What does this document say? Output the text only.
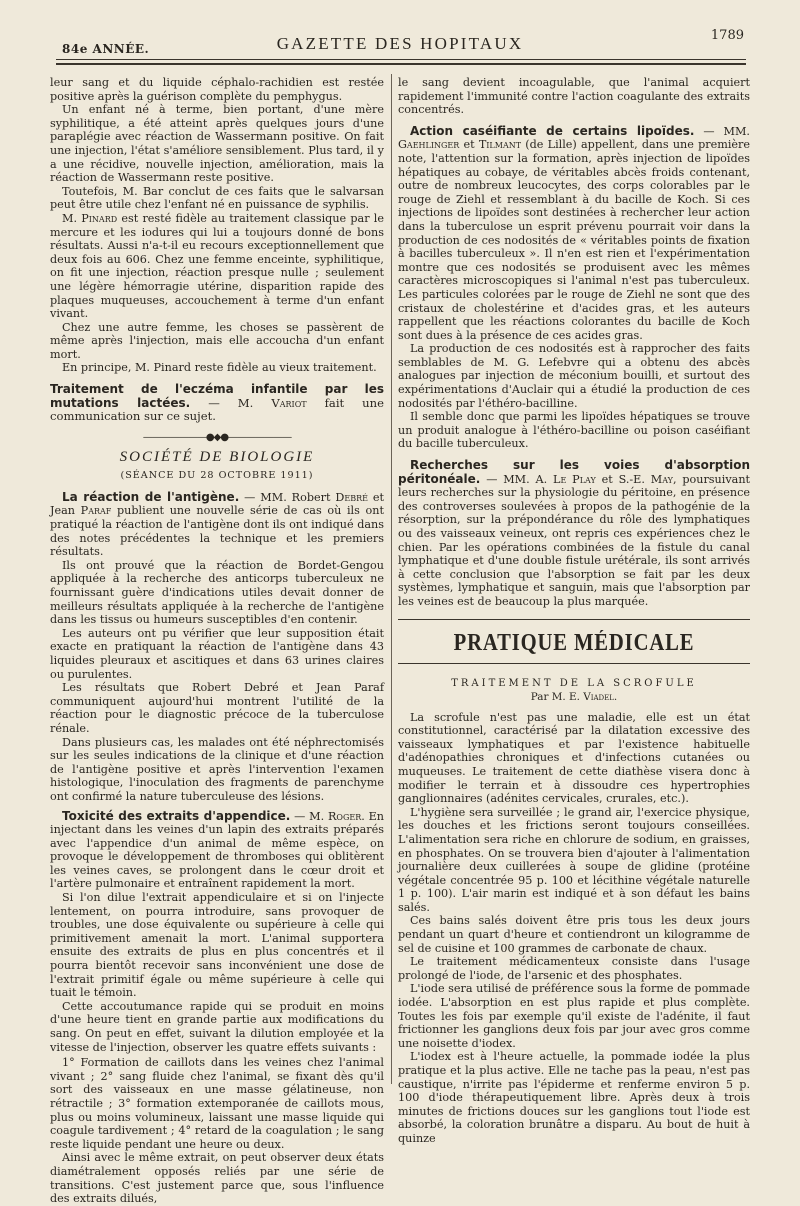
84e ANNÉE.	GAZETTE DES HOPITAUX	1789

leur sang et du liquide céphalo-rachidien est restée positive après la guérison complète du pemphygus.

Un enfant né à terme, bien portant, d'une mère syphilitique, a été atteint après quelques jours d'une paraplégie avec réaction de Wassermann positive. On fait une injection, l'état s'améliore sensiblement. Plus tard, il y a une récidive, nouvelle injection, amélioration, mais la réaction de Wassermann reste positive.

Toutefois, M. Bar conclut de ces faits que le salvarsan peut être utile chez l'enfant né en puissance de syphilis.

M. Pinard est resté fidèle au traitement classique par le mercure et les iodures qui lui a toujours donné de bons résultats. Aussi n'a-t-il eu recours exceptionnellement que deux fois au 606. Chez une femme enceinte, syphilitique, on fit une injection, réaction presque nulle ; seulement une légère hémorragie utérine, disparition rapide des plaques muqueuses, accouchement à terme d'un enfant vivant.

Chez une autre femme, les choses se passèrent de même après l'injection, mais elle accoucha d'un enfant mort.

En principe, M. Pinard reste fidèle au vieux traitement.

Traitement de l'eczéma infantile par les mutations lactées. — M. Variot fait une communication sur ce sujet.

———————●◆●———————
SOCIÉTÉ DE BIOLOGIE
(SÉANCE DU 28 OCTOBRE 1911)

La réaction de l'antigène. — MM. Robert Debré et Jean Paraf publient une nouvelle série de cas où ils ont pratiqué la réaction de l'antigène dont ils ont indiqué dans des notes précédentes la technique et les premiers résultats.

Ils ont prouvé que la réaction de Bordet-Gengou appliquée à la recherche des anticorps tuberculeux ne fournissant guère d'indications utiles devait donner de meilleurs résultats appliquée à la recherche de l'antigène dans les tissus ou humeurs susceptibles d'en contenir.

Les auteurs ont pu vérifier que leur supposition était exacte en pratiquant la réaction de l'antigène dans 43 liquides pleuraux et ascitiques et dans 63 urines claires ou purulentes.

Les résultats que Robert Debré et Jean Paraf communiquent aujourd'hui montrent l'utilité de la réaction pour le diagnostic précoce de la tuberculose rénale.

Dans plusieurs cas, les malades ont été néphrectomisés sur les seules indications de la clinique et d'une réaction de l'antigène positive et après l'intervention l'examen histologique, l'inoculation des fragments de parenchyme ont confirmé la nature tuberculeuse des lésions.

Toxicité des extraits d'appendice. — M. Roger. En injectant dans les veines d'un lapin des extraits préparés avec l'appendice d'un animal de même espèce, on provoque le développement de thromboses qui oblitèrent les veines caves, se prolongent dans le cœur droit et l'artère pulmonaire et entraînent rapidement la mort.

Si l'on dilue l'extrait appendiculaire et si on l'injecte lentement, on pourra introduire, sans provoquer de troubles, une dose équivalente ou supérieure à celle qui primitivement amenait la mort. L'animal supportera ensuite des extraits de plus en plus concentrés et il pourra bientôt recevoir sans inconvénient une dose de l'extrait primitif égale ou même supérieure à celle qui tuait le témoin.

Cette accoutumance rapide qui se produit en moins d'une heure tient en grande partie aux modifications du sang. On peut en effet, suivant la dilution employée et la vitesse de l'injection, observer les quatre effets suivants :

1° Formation de caillots dans les veines chez l'animal vivant ; 2° sang fluide chez l'animal, se fixant dès qu'il sort des vaisseaux en une masse gélatineuse, non rétractile ; 3° formation extemporanée de caillots mous, plus ou moins volumineux, laissant une masse liquide qui coagule tardivement ; 4° retard de la coagulation ; le sang reste liquide pendant une heure ou deux.

Ainsi avec le même extrait, on peut observer deux états diamétralement opposés reliés par une série de transitions. C'est justement parce que, sous l'influence des extraits dilués,

le sang devient incoagulable, que l'animal acquiert rapidement l'immunité contre l'action coagulante des extraits concentrés.

Action caséifiante de certains lipoïdes. — MM. Gaehlinger et Tilmant (de Lille) appellent, dans une première note, l'attention sur la formation, après injection de lipoïdes hépatiques au cobaye, de véritables abcès froids contenant, outre de nombreux leucocytes, des corps colorables par le rouge de Ziehl et ressemblant à du bacille de Koch. Si ces injections de lipoïdes sont destinées à rechercher leur action dans la tuberculose un esprit prévenu pourrait voir dans la production de ces nodosités de « véritables points de fixation à bacilles tuberculeux ». Il n'en est rien et l'expérimentation montre que ces nodosités se produisent avec les mêmes caractères microscopiques si l'animal n'est pas tuberculeux. Les particules colorées par le rouge de Ziehl ne sont que des cristaux de cholestérine et d'acides gras, et les auteurs rappellent que les réactions colorantes du bacille de Koch sont dues à la présence de ces acides gras.

La production de ces nodosités est à rapprocher des faits semblables de M. G. Lefebvre qui a obtenu des abcès analogues par injection de méconium bouilli, et surtout des expérimentations d'Auclair qui a étudié la production de ces nodosités par l'éthéro-bacilline.

Il semble donc que parmi les lipoïdes hépatiques se trouve un produit analogue à l'éthéro-bacilline ou poison caséifiant du bacille tuberculeux.

Recherches sur les voies d'absorption péritonéale. — MM. A. Le Play et S.-E. May, poursuivant leurs recherches sur la physiologie du péritoine, en présence des controverses soulevées à propos de la pathogénie de la résorption, sur la prépondérance du rôle des lymphatiques ou des vaisseaux veineux, ont repris ces expériences chez le chien. Par les opérations combinées de la fistule du canal lymphatique et d'une double fistule urétérale, ils sont arrivés à cette conclusion que l'absorption se fait par les deux systèmes, lymphatique et sanguin, mais que l'absorption par les veines est de beaucoup la plus marquée.

PRATIQUE MÉDICALE
TRAITEMENT DE LA SCROFULE
Par M. E. Viadel.

La scrofule n'est pas une maladie, elle est un état constitutionnel, caractérisé par la dilatation excessive des vaisseaux lymphatiques et par l'existence habituelle d'adénopathies chroniques et d'infections cutanées ou muqueuses. Le traitement de cette diathèse visera donc à modifier le terrain et à dissoudre ces hypertrophies ganglionnaires (adénites cervicales, crurales, etc.).

L'hygiène sera surveillée ; le grand air, l'exercice physique, les douches et les frictions seront toujours conseillées. L'alimentation sera riche en chlorure de sodium, en graisses, en phosphates. On se trouvera bien d'ajouter à l'alimentation journalière deux cuillerées à soupe de glidine (protéine végétale concentrée 95 p. 100 et lécithine végétale naturelle 1 p. 100). L'air marin est indiqué et à son défaut les bains salés.

Ces bains salés doivent être pris tous les deux jours pendant un quart d'heure et contiendront un kilogramme de sel de cuisine et 100 grammes de carbonate de chaux.

Le traitement médicamenteux consiste dans l'usage prolongé de l'iode, de l'arsenic et des phosphates.

L'iode sera utilisé de préférence sous la forme de pommade iodée. L'absorption en est plus rapide et plus complète. Toutes les fois par exemple qu'il existe de l'adénite, il faut frictionner les ganglions deux fois par jour avec gros comme une noisette d'iodex.

L'iodex est à l'heure actuelle, la pommade iodée la plus pratique et la plus active. Elle ne tache pas la peau, n'est pas caustique, n'irrite pas l'épiderme et renferme environ 5 p. 100 d'iode thérapeutiquement libre. Après deux à trois minutes de frictions douces sur les ganglions tout l'iode est absorbé, la coloration brunâtre a disparu. Au bout de huit à quinze
